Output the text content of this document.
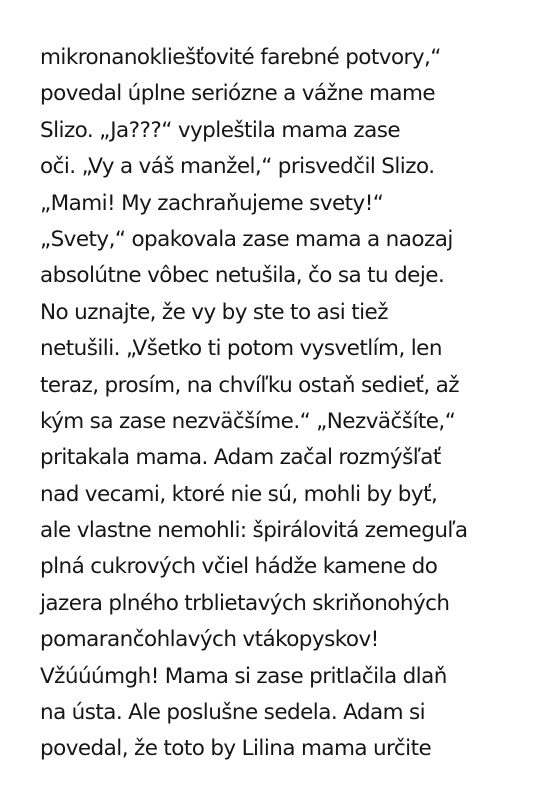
mikronanokliešťovité farebné potvory,“
povedal úplne seriózne a vážne mame
Slizo. „Ja???“ vypleštila mama zase
oči. „Vy a váš manžel,“ prisvedčil Slizo.
„Mami! My zachraňujeme svety!“
„Svety,“ opakovala zase mama a naozaj
absolútne vôbec netušila, čo sa tu deje.
No uznajte, že vy by ste to asi tiež
netušili. „Všetko ti potom vysvetlím, len
teraz, prosím, na chvíľku ostaň sedieť, až
kým sa zase nezväčšíme.“ „Nezväčšíte,“
pritakala mama. Adam začal rozmýšľať
nad vecami, ktoré nie sú, mohli by byť,
ale vlastne nemohli: špirálovitá zemeguľa
plná cukrových včiel hádže kamene do
jazera plného trblietavých skriňonohých
pomarančohlavých vtákopyskov!
Vžúúúmgh! Mama si zase pritlačila dlaň
na ústa. Ale poslušne sedela. Adam si
povedal, že toto by Lilina mama určite
